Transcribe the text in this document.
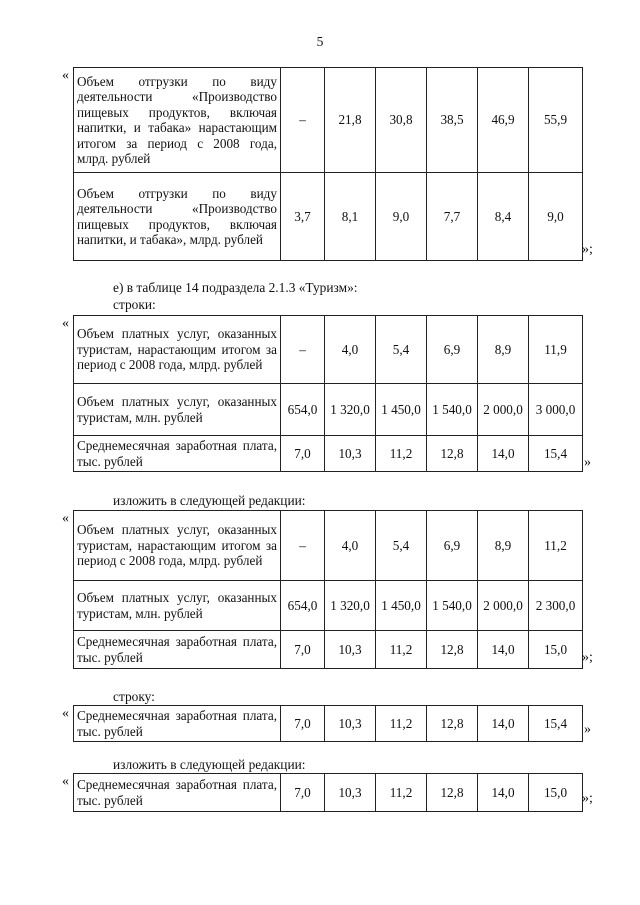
5
« Объем отгрузки по виду деятельности «Производство пищевых продуктов, включая напитки, и табака» нарастающим итогом за период с 2008 года, млрд. рублей	–	21,8	30,8	38,5	46,9	55,9
Объем отгрузки по виду деятельности «Производство пищевых продуктов, включая напитки, и табака», млрд. рублей	3,7	8,1	9,0	7,7	8,4	9,0
»;
е) в таблице 14 подраздела 2.1.3 «Туризм»:
строки:
«
Объем платных услуг, оказанных туристам, нарастающим итогом за период с 2008 года, млрд. рублей	–	4,0	5,4	6,9	8,9	11,9
Объем платных услуг, оказанных туристам, млн. рублей	654,0	1 320,0	1 450,0	1 540,0	2 000,0	3 000,0
Среднемесячная заработная плата, тыс. рублей	7,0	10,3	11,2	12,8	14,0	15,4
»
изложить в следующей редакции:
«
Объем платных услуг, оказанных туристам, нарастающим итогом за период с 2008 года, млрд. рублей	–	4,0	5,4	6,9	8,9	11,2
Объем платных услуг, оказанных туристам, млн. рублей	654,0	1 320,0	1 450,0	1 540,0	2 000,0	2 300,0
Среднемесячная заработная плата, тыс. рублей	7,0	10,3	11,2	12,8	14,0	15,0
»;
строку:
« Среднемесячная заработная плата, тыс. рублей	7,0	10,3	11,2	12,8	14,0	15,4 »
изложить в следующей редакции:
« Среднемесячная заработная плата, тыс. рублей	7,0	10,3	11,2	12,8	14,0	15,0 »;
